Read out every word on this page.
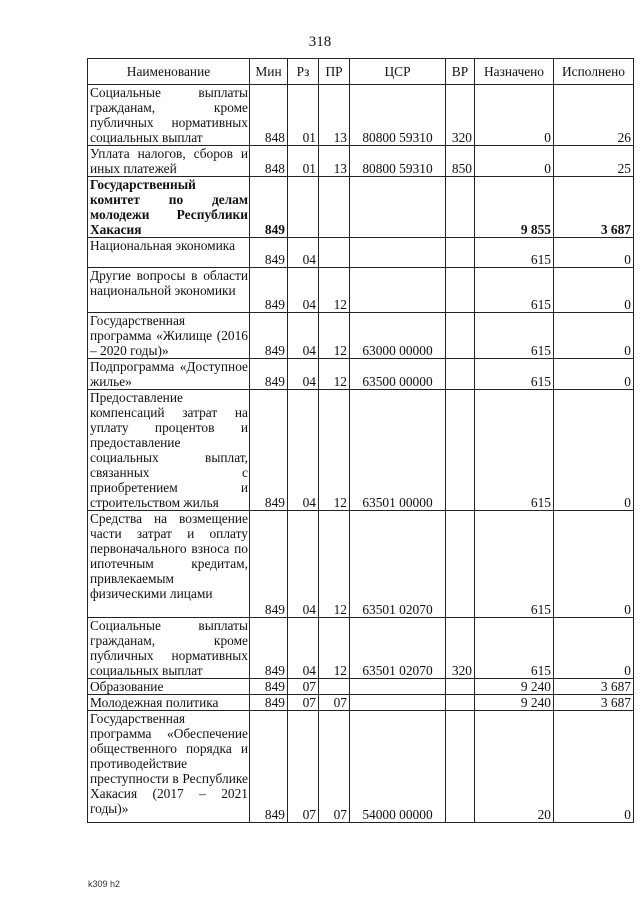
318
Наименование	Мин	Рз	ПР	ЦСР	ВР	Назначено	Исполнено
Социальные выплаты гражданам, кроме публичных нормативных социальных выплат	848	01	13	80800 59310	320	0	26
Уплата налогов, сборов и иных платежей	848	01	13	80800 59310	850	0	25
Государственный комитет по делам молодежи Республики Хакасия	849					9 855	3 687
Национальная экономика	849	04				615	0
Другие вопросы в области национальной экономики	849	04	12			615	0
Государственная программа «Жилище (2016 – 2020 годы)»	849	04	12	63000 00000		615	0
Подпрограмма «Доступное жилье»	849	04	12	63500 00000		615	0
Предоставление компенсаций затрат на уплату процентов и предоставление социальных выплат, связанных с приобретением и строительством жилья	849	04	12	63501 00000		615	0
Средства на возмещение части затрат и оплату первоначального взноса по ипотечным кредитам, привлекаемым физическими лицами	849	04	12	63501 02070		615	0
Социальные выплаты гражданам, кроме публичных нормативных социальных выплат	849	04	12	63501 02070	320	615	0
Образование	849	07				9 240	3 687
Молодежная политика	849	07	07			9 240	3 687
Государственная программа «Обеспечение общественного порядка и противодействие преступности в Республике Хакасия (2017 – 2021 годы)»	849	07	07	54000 00000		20	0
k309 h2
